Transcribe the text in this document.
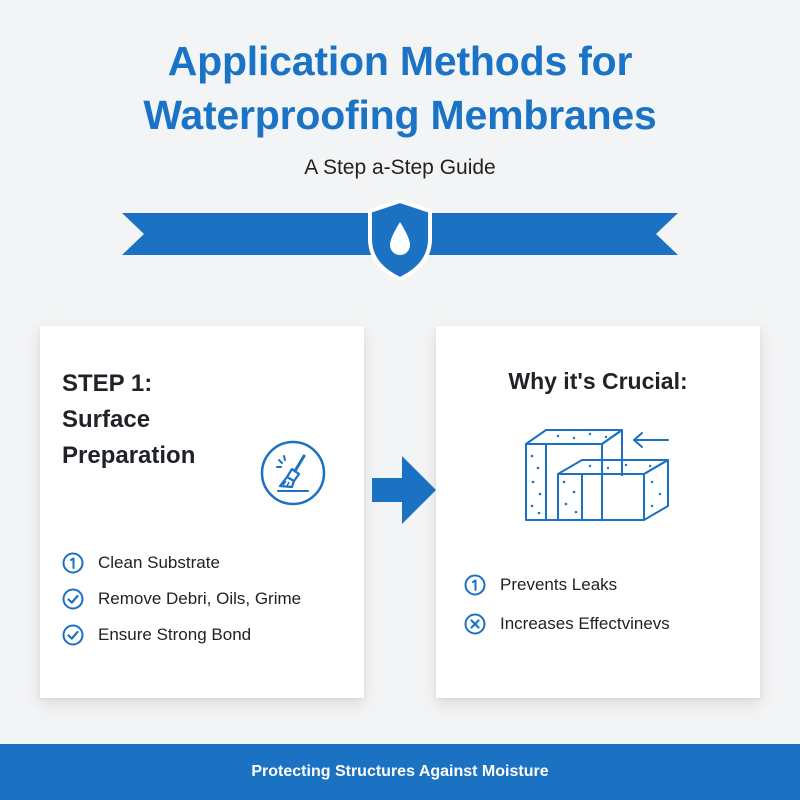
Application Methods for
Waterproofing Membranes
A Step a-Step Guide
STEP 1:
Surface
Preparation
Clean Substrate
Remove Debri, Oils, Grime
Ensure Strong Bond
Why it's Crucial:
Prevents Leaks
Increases Effectvinevs
Protecting Structures Against Moisture
